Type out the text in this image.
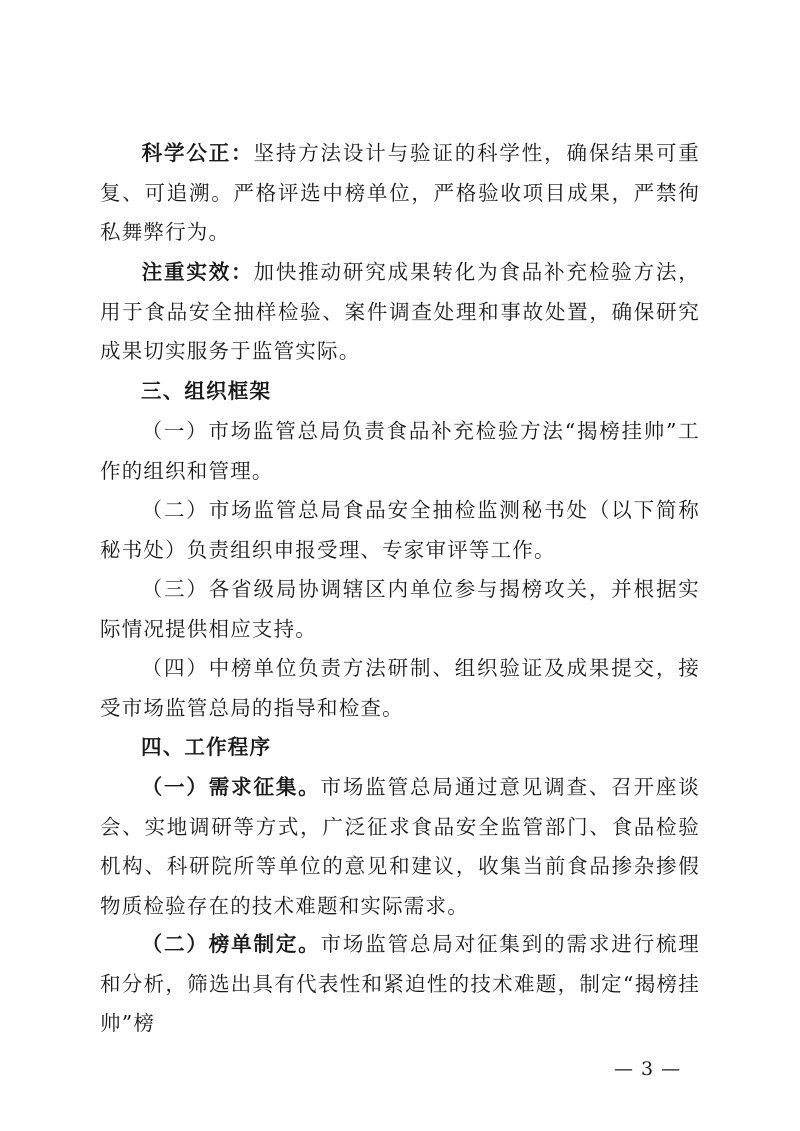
科学公正：坚持方法设计与验证的科学性，确保结果可重复、可追溯。严格评选中榜单位，严格验收项目成果，严禁徇私舞弊行为。

注重实效：加快推动研究成果转化为食品补充检验方法，用于食品安全抽样检验、案件调查处理和事故处置，确保研究成果切实服务于监管实际。

三、组织框架

（一）市场监管总局负责食品补充检验方法“揭榜挂帅”工作的组织和管理。

（二）市场监管总局食品安全抽检监测秘书处（以下简称秘书处）负责组织申报受理、专家审评等工作。

（三）各省级局协调辖区内单位参与揭榜攻关，并根据实际情况提供相应支持。

（四）中榜单位负责方法研制、组织验证及成果提交，接受市场监管总局的指导和检查。

四、工作程序

（一）需求征集。市场监管总局通过意见调查、召开座谈会、实地调研等方式，广泛征求食品安全监管部门、食品检验机构、科研院所等单位的意见和建议，收集当前食品掺杂掺假物质检验存在的技术难题和实际需求。

（二）榜单制定。市场监管总局对征集到的需求进行梳理和分析，筛选出具有代表性和紧迫性的技术难题，制定“揭榜挂帅”榜

— 3 —
